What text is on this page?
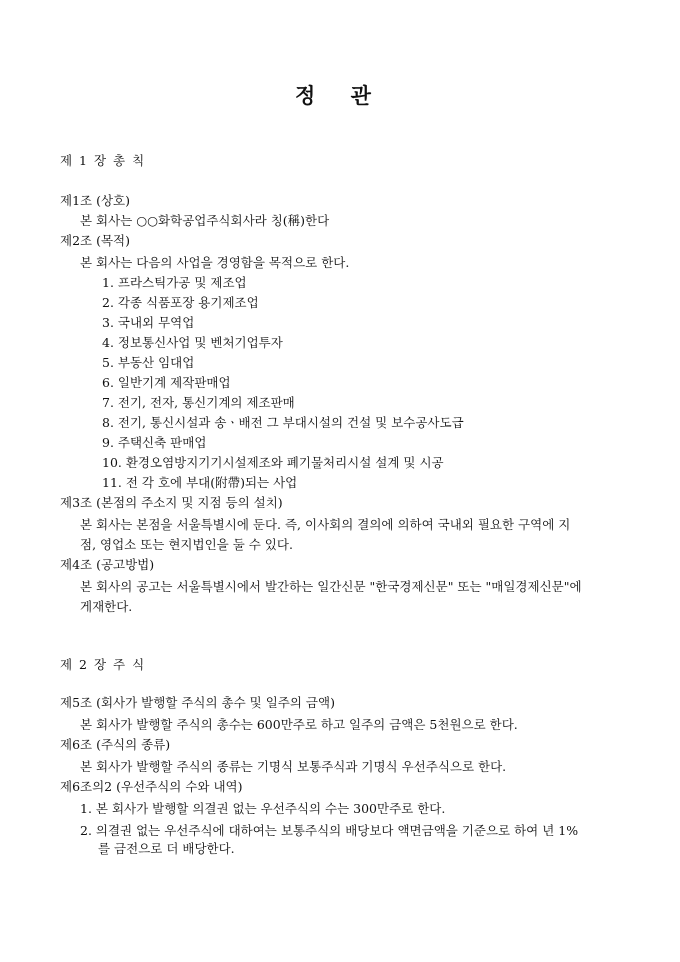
정 관
제 1 장 총 칙
제1조 (상호)
본 회사는 ○○화학공업주식회사라 칭(稱)한다
제2조 (목적)
본 회사는 다음의 사업을 경영함을 목적으로 한다.
1. 프라스틱가공 및 제조업
2. 각종 식품포장 용기제조업
3. 국내외 무역업
4. 정보통신사업 및 벤처기업투자
5. 부동산 임대업
6. 일반기계 제작판매업
7. 전기, 전자, 통신기계의 제조판매
8. 전기, 통신시설과 송ㆍ배전 그 부대시설의 건설 및 보수공사도급
9. 주택신축 판매업
10. 환경오염방지기기시설제조와 폐기물처리시설 설계 및 시공
11. 전 각 호에 부대(附帶)되는 사업
제3조 (본점의 주소지 및 지점 등의 설치)
본 회사는 본점을 서울특별시에 둔다. 즉, 이사회의 결의에 의하여 국내외 필요한 구역에 지
점, 영업소 또는 현지법인을 둘 수 있다.
제4조 (공고방법)
본 회사의 공고는 서울특별시에서 발간하는 일간신문 "한국경제신문" 또는 "매일경제신문"에
게재한다.
제 2 장 주 식
제5조 (회사가 발행할 주식의 총수 및 일주의 금액)
본 회사가 발행할 주식의 총수는 600만주로 하고 일주의 금액은 5천원으로 한다.
제6조 (주식의 종류)
본 회사가 발행할 주식의 종류는 기명식 보통주식과 기명식 우선주식으로 한다.
제6조의2 (우선주식의 수와 내역)
1. 본 회사가 발행할 의결권 없는 우선주식의 수는 300만주로 한다.
2. 의결권 없는 우선주식에 대하여는 보통주식의 배당보다 액면금액을 기준으로 하여 년 1%
를 금전으로 더 배당한다.
